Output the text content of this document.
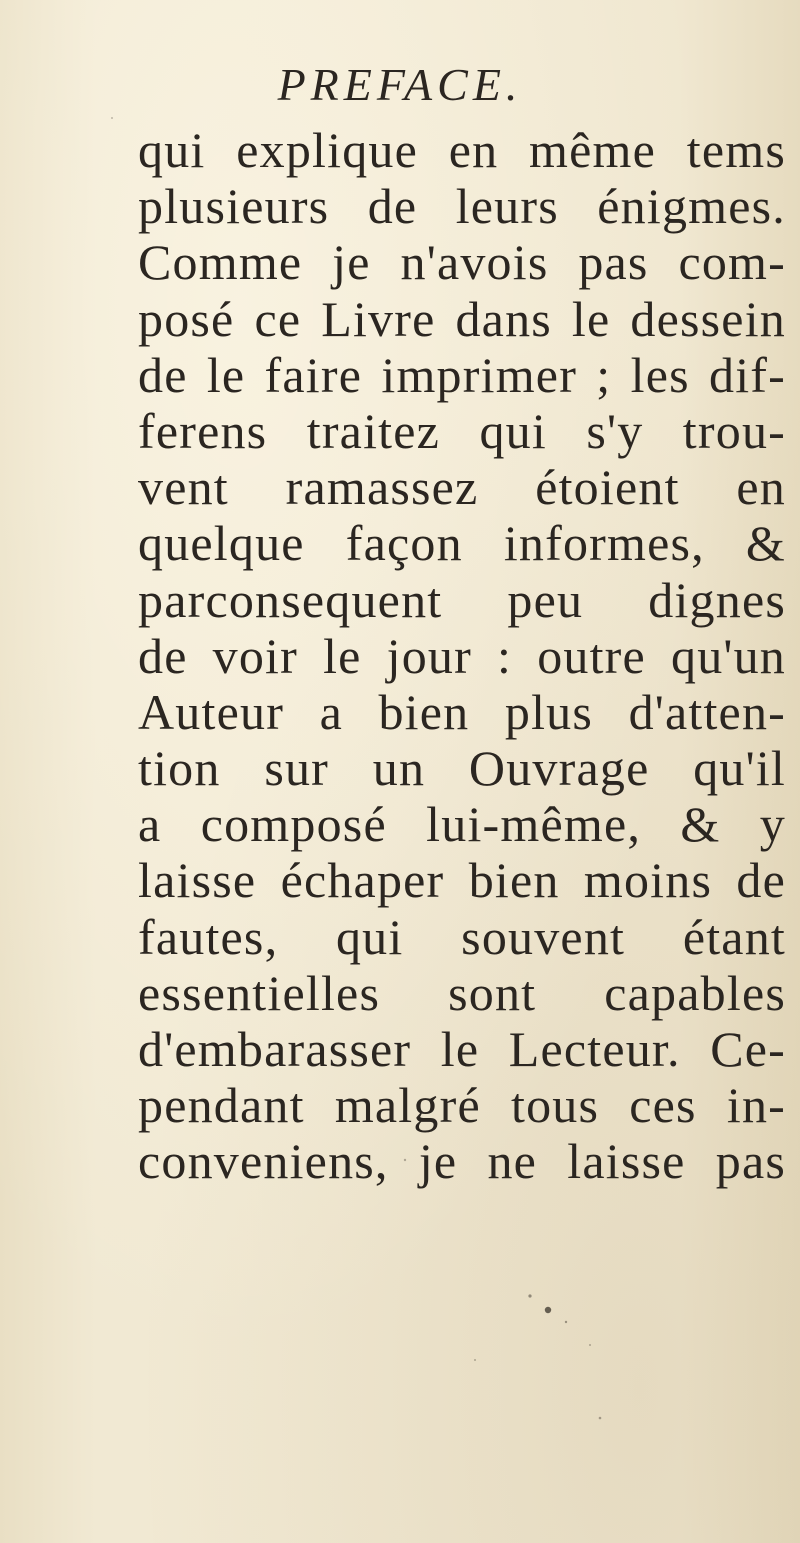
PREFACE.
qui explique en même tems
plusieurs de leurs énigmes.
Comme je n'avois pas com-
posé ce Livre dans le dessein
de le faire imprimer ; les dif-
ferens traitez qui s'y trou-
vent ramassez étoient en
quelque façon informes, &
parconsequent peu dignes
de voir le jour : outre qu'un
Auteur a bien plus d'atten-
tion sur un Ouvrage qu'il
a composé lui-même, & y
laisse échaper bien moins de
fautes, qui souvent étant
essentielles sont capables
d'embarasser le Lecteur. Ce-
pendant malgré tous ces in-
conveniens, je ne laisse pas
